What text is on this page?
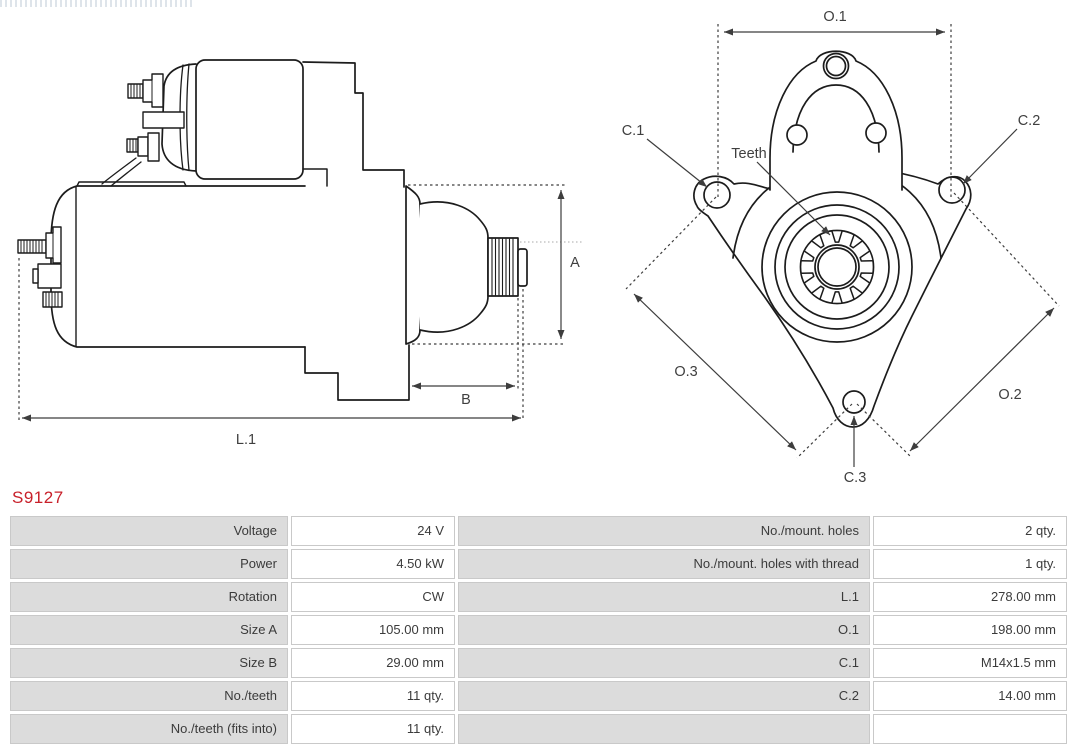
A
B
L.1
O.1
O.3
O.2
C.1
C.2
C.3
Teeth
S9127
Voltage	24 V	No./mount. holes	2 qty.
Power	4.50 kW	No./mount. holes with thread	1 qty.
Rotation	CW	L.1	278.00 mm
Size A	105.00 mm	O.1	198.00 mm
Size B	29.00 mm	C.1	M14x1.5 mm
No./teeth	11 qty.	C.2	14.00 mm
No./teeth (fits into)	11 qty.
